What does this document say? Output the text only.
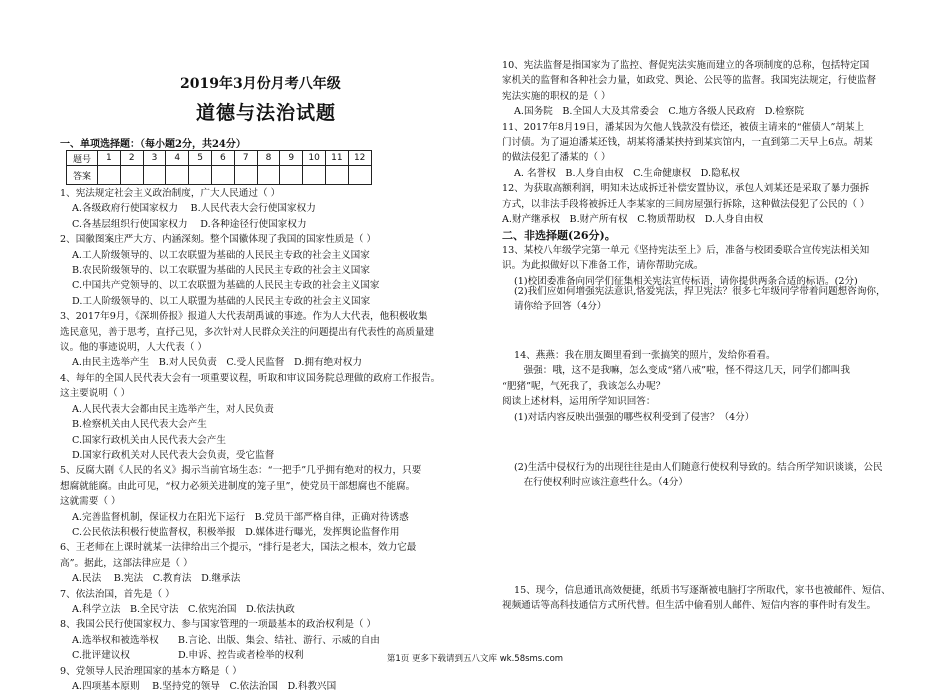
2019年3月份月考八年级
道德与法治试题
一、单项选择题：（每小题2分，共24分）
题号	1	2	3	4	5	6	7	8	9	10	11	12
答案												

1、宪法规定社会主义政治制度，广大人民通过（ ）

A.各级政府行使国家权力　 B.人民代表大会行使国家权力

C.各基层组织行使国家权力　 D.各种途径行使国家权力

2、国徽图案庄严大方、内涵深刻。整个国徽体现了我国的国家性质是（ ）

A.工人阶级领导的、以工农联盟为基础的人民民主专政的社会主义国家

B.农民阶级领导的、以工农联盟为基础的人民民主专政的社会主义国家

C.中国共产党领导的、以工农联盟为基础的人民民主专政的社会主义国家

D.工人阶级领导的、以工人联盟为基础的人民民主专政的社会主义国家

3、2017年9月，《深圳侨报》报道人大代表胡禹诚的事迹。作为人大代表，他积极收集

选民意见，善于思考，直抒己见，多次针对人民群众关注的问题提出有代表性的高质量建

议。他的事迹说明，人大代表（ ）

A.由民主选举产生　B.对人民负责　C.受人民监督　D.拥有绝对权力

4、每年的全国人民代表大会有一项重要议程，听取和审议国务院总理做的政府工作报告。

这主要说明（ ）

A.人民代表大会都由民主选举产生，对人民负责

B.检察机关由人民代表大会产生

C.国家行政机关由人民代表大会产生

D.国家行政机关对人民代表大会负责，受它监督

5、反腐大剧《人民的名义》揭示当前官场生态：“一把手”几乎拥有绝对的权力，只要

想腐就能腐。由此可见，“权力必须关进制度的笼子里”，使党员干部想腐也不能腐。

这就需要（ ）

A.完善监督机制，保证权力在阳光下运行　B.党员干部严格自律，正确对待诱惑

C.公民依法积极行使监督权，积极举报　D.媒体进行曝光，发挥舆论监督作用

6、王老师在上课时就某一法律给出三个提示，“排行是老大，国法之根本，效力它最

高”。据此，这部法律应是（ ）

A.民法　 B.宪法　C.教育法　D.继承法

7、依法治国，首先是（ ）

A.科学立法　B.全民守法　C.依宪治国　D.依法执政

8、我国公民行使国家权力、参与国家管理的一项最基本的政治权利是（ ）

A.选举权和被选举权　　B.言论、出版、集会、结社、游行、示威的自由

C.批评建议权　　　　　D.申诉、控告或者检举的权利

9、党领导人民治理国家的基本方略是（ ）

A.四项基本原则　 B.坚持党的领导　C.依法治国　D.科教兴国

10、宪法监督是指国家为了监控、督促宪法实施而建立的各项制度的总称，包括特定国

家机关的监督和各种社会力量，如政党、舆论、公民等的监督。我国宪法规定，行使监督

宪法实施的职权的是（ ）

A.国务院　B.全国人大及其常委会　C.地方各级人民政府　D.检察院

11、2017年8月19日，潘某因为欠他人钱款没有偿还，被债主请来的“催债人”胡某上

门讨债。为了逼迫潘某还钱，胡某将潘某挟持到某宾馆内，一直到第二天早上6点。胡某

的做法侵犯了潘某的（ ）

A. 名誉权　B.人身自由权　C.生命健康权　D.隐私权

12、为获取高额利润，明知未达成拆迁补偿安置协议，承包人刘某还是采取了暴力强拆

方式，以非法手段将被拆迁人李某家的三间房屋强行拆除，这种做法侵犯了公民的（ ）

A.财产继承权　B.财产所有权　C.物质帮助权　D.人身自由权

二、非选择题(26分)。

13、某校八年级学完第一单元《坚持宪法至上》后，准备与校团委联合宣传宪法相关知

识。为此拟做好以下准备工作，请你帮助完成。

(1)校团委准备向同学们征集相关宪法宣传标语，请你提供两条合适的标语。(2分)

(2)我们应如何增强宪法意识,恪爱宪法，捍卫宪法？很多七年级同学带着问题想咨询你，

请你给予回答（4分）

14、燕燕：我在朋友圈里看到一张搞笑的照片，发给你看看。

　强强：哦，这不是我嘛，怎么变成“猪八戒”啦，怪不得这几天，同学们都叫我

“肥猪”呢，气死我了，我该怎么办呢？

阅读上述材料，运用所学知识回答：

(1)对话内容反映出强强的哪些权利受到了侵害？（4分）

(2)生活中侵权行为的出现往往是由人们随意行使权利导致的。结合所学知识谈谈，公民

　在行使权利时应该注意些什么。（4分）

15、现今，信息通讯高效便捷，纸质书写逐渐被电脑打字所取代，家书也被邮件、短信、

视频通话等高科技通信方式所代替。但生活中偷看别人邮件、短信内容的事件时有发生。

第1页 更多下载请到五八文库 wk.58sms.com
